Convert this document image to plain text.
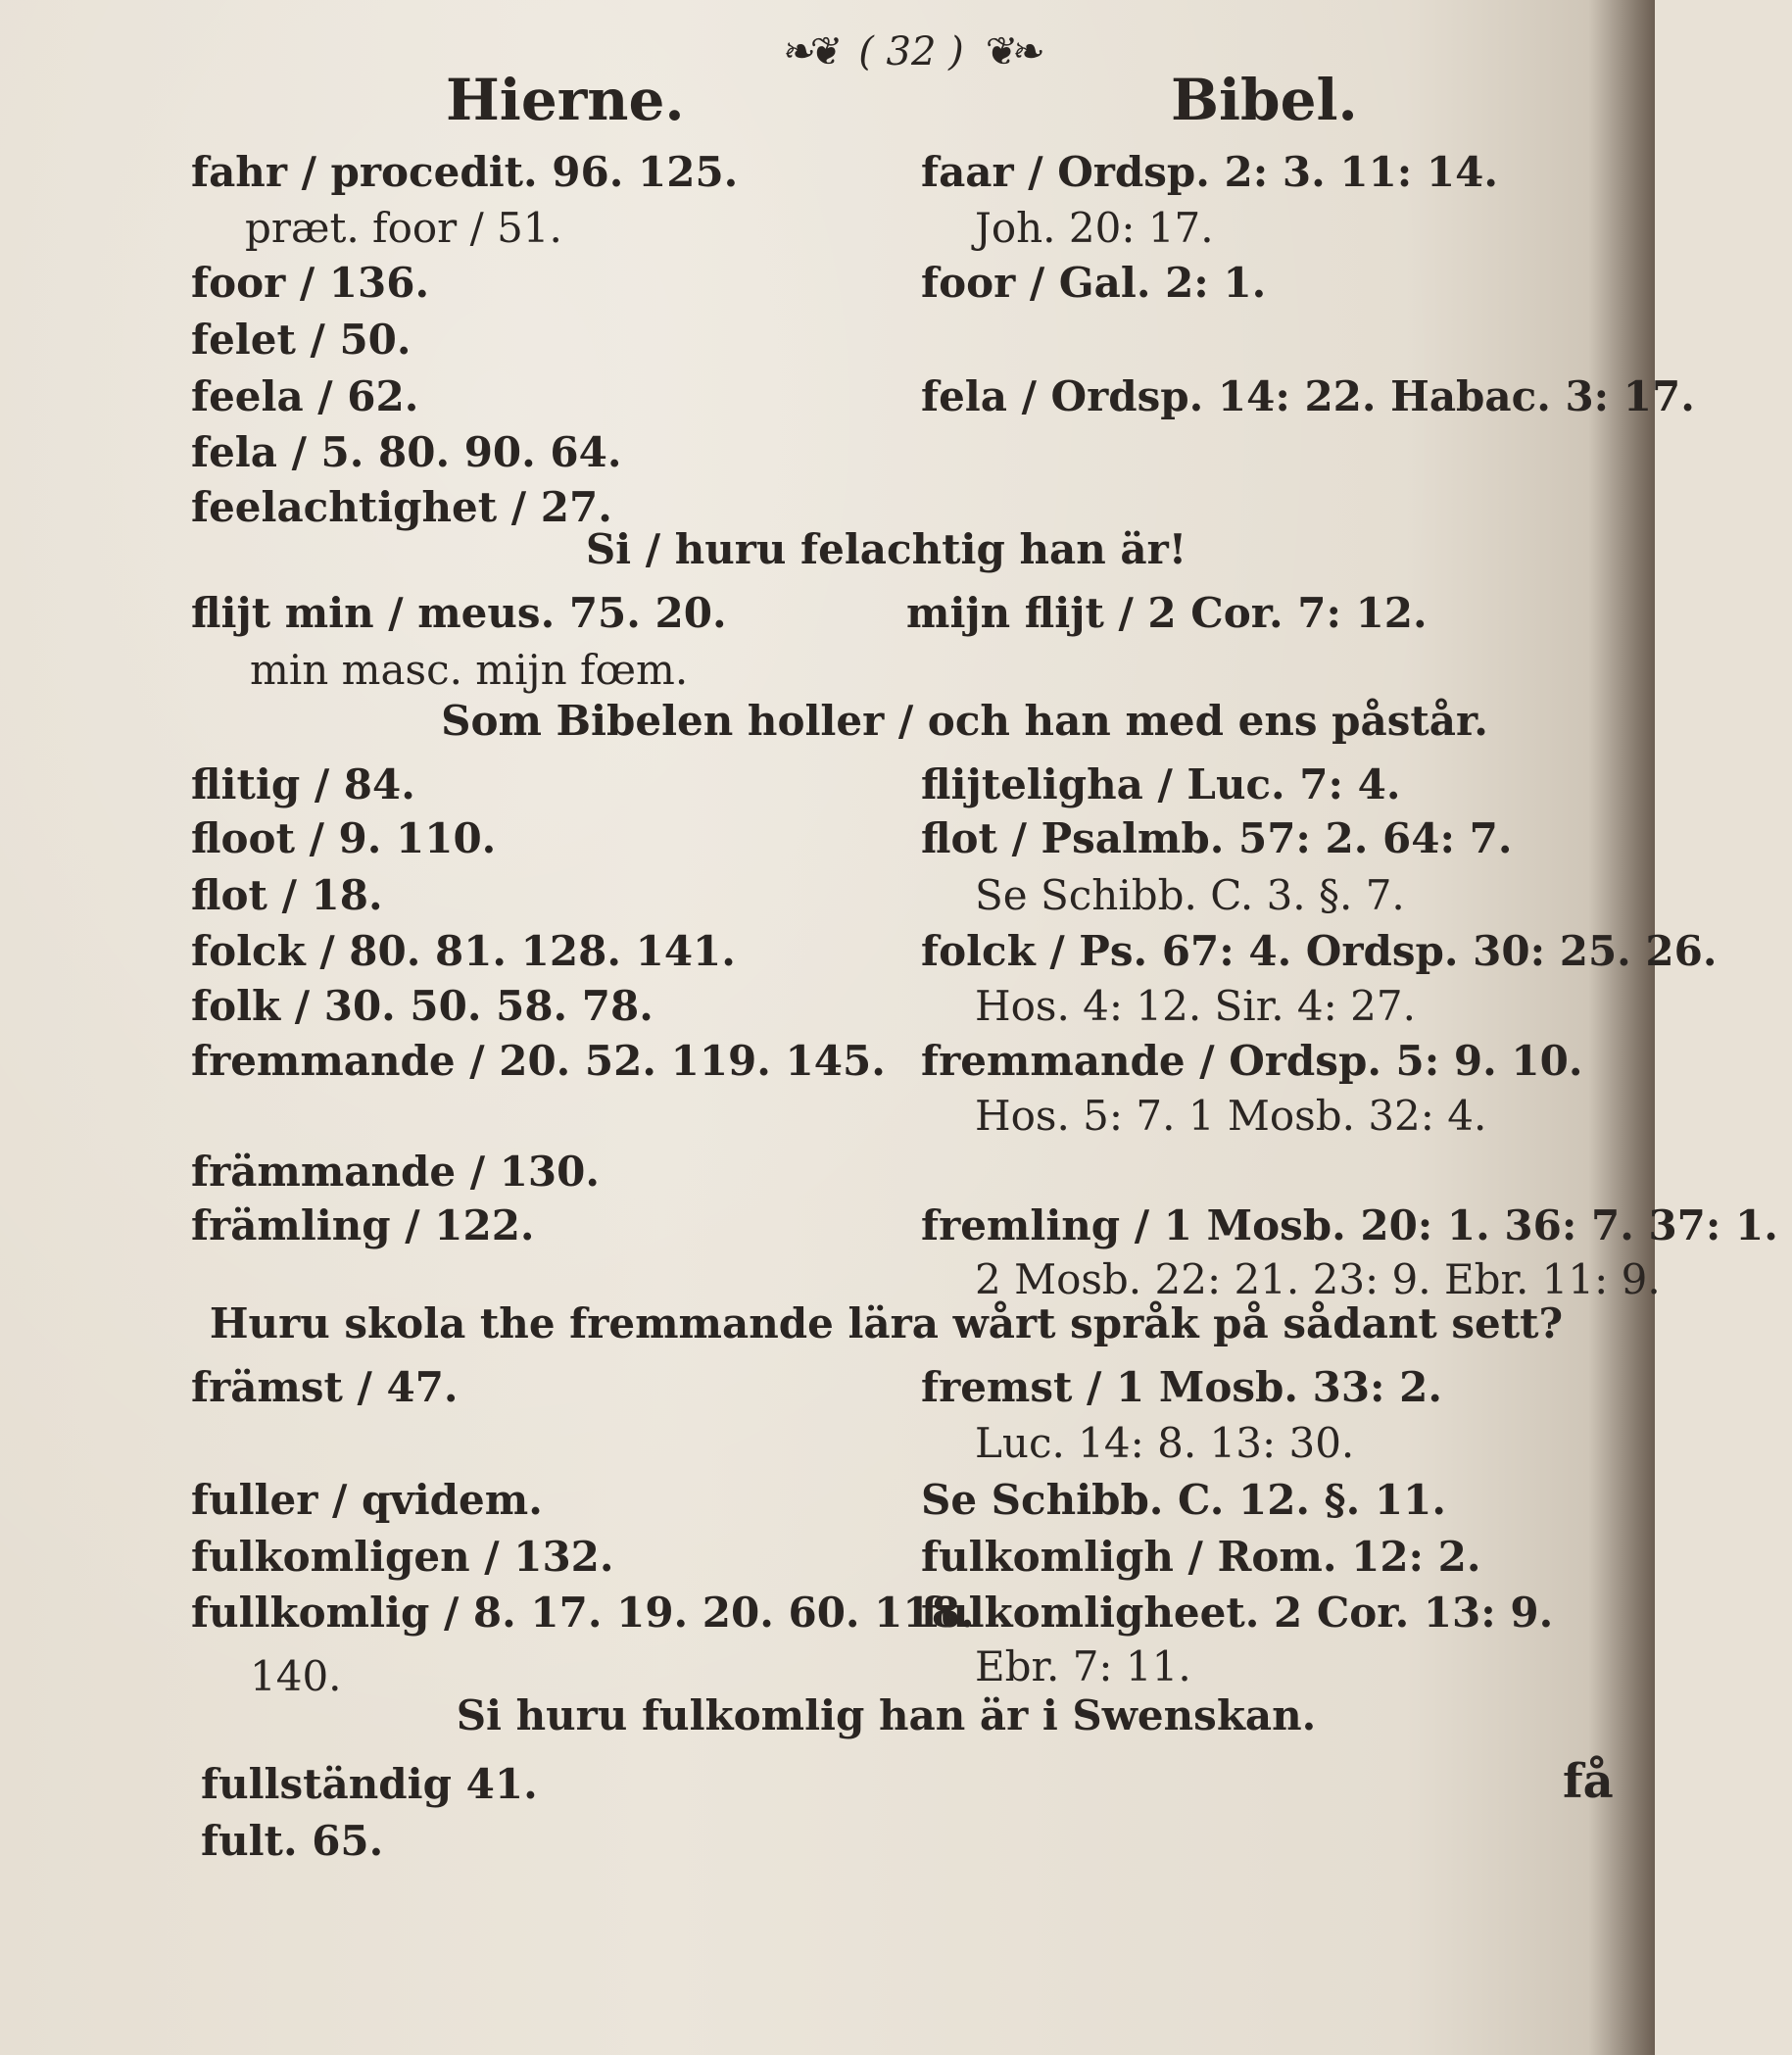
❧❦ ( 32 ) ❦❧
Hierne.	Bibel.
fahr / procedit. 96. 125.
præt. foor / 51.
foor / 136.
felet / 50.
feela / 62.
fela / 5. 80. 90. 64.
feelachtighet / 27.
Si / huru felachtig han är!
flijt min / meus. 75. 20.
min masc. mijn fœm.
Som Bibelen holler / och han med ens påstår.
flitig / 84.
floot / 9. 110.
flot / 18.
folck / 80. 81. 128. 141.
folk / 30. 50. 58. 78.
fremmande / 20. 52. 119. 145.
främmande / 130.
främling / 122.
Huru skola the fremmande lära wårt språk på sådant sett?
främst / 47.
fuller / qvidem.
fulkomligen / 132.
fullkomlig / 8. 17. 19. 20. 60. 118.
140.
Si huru fulkomlig han är i Swenskan.
fullständig 41.
fult. 65.
faar / Ordsp. 2: 3. 11: 14.
Joh. 20: 17.
foor / Gal. 2: 1.
fela / Ordsp. 14: 22. Habac. 3: 17.
mijn flijt / 2 Cor. 7: 12.
flijteligha / Luc. 7: 4.
flot / Psalmb. 57: 2. 64: 7.
Se Schibb. C. 3. §. 7.
folck / Ps. 67: 4. Ordsp. 30: 25. 26.
Hos. 4: 12. Sir. 4: 27.
fremmande / Ordsp. 5: 9. 10.
Hos. 5: 7. 1 Mosb. 32: 4.
fremling / 1 Mosb. 20: 1. 36: 7. 37: 1.
2 Mosb. 22: 21. 23: 9. Ebr. 11: 9.
fremst / 1 Mosb. 33: 2.
Luc. 14: 8. 13: 30.
Se Schibb. C. 12. §. 11.
fulkomligh / Rom. 12: 2.
fulkomligheet. 2 Cor. 13: 9.
Ebr. 7: 11.
få
